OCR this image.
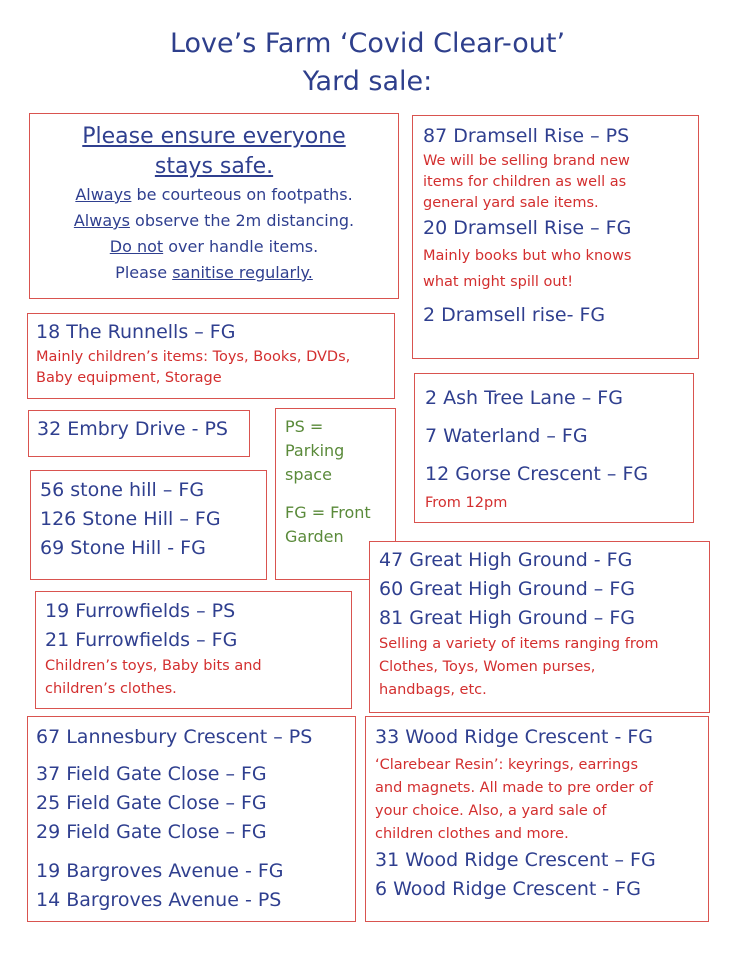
Love’s Farm ‘Covid Clear-out’
Yard sale:
Please ensure everyone
stays safe.
Always be courteous on footpaths.
Always observe the 2m distancing.
Do not over handle items.
Please sanitise regularly.
87 Dramsell Rise – PS
We will be selling brand new
items for children as well as
general yard sale items.
20 Dramsell Rise – FG
Mainly books but who knows
what might spill out!
2 Dramsell rise- FG
18 The Runnells – FG
Mainly children’s items: Toys, Books, DVDs,
Baby equipment, Storage
2 Ash Tree Lane – FG
7 Waterland – FG
12 Gorse Crescent – FG
From 12pm
32 Embry Drive - PS	PS =
Parking
space
FG = Front
Garden
56 stone hill – FG
126 Stone Hill – FG
69 Stone Hill - FG
47 Great High Ground - FG
60 Great High Ground – FG
81 Great High Ground – FG
Selling a variety of items ranging from
Clothes, Toys, Women purses,
handbags, etc.
19 Furrowfields – PS
21 Furrowfields – FG
Children’s toys, Baby bits and
children’s clothes.
67 Lannesbury Crescent – PS
37 Field Gate Close – FG
25 Field Gate Close – FG
29 Field Gate Close – FG
19 Bargroves Avenue - FG
14 Bargroves Avenue - PS
33 Wood Ridge Crescent - FG
‘Clarebear Resin’: keyrings, earrings
and magnets. All made to pre order of
your choice. Also, a yard sale of
children clothes and more.
31 Wood Ridge Crescent – FG
6 Wood Ridge Crescent - FG
